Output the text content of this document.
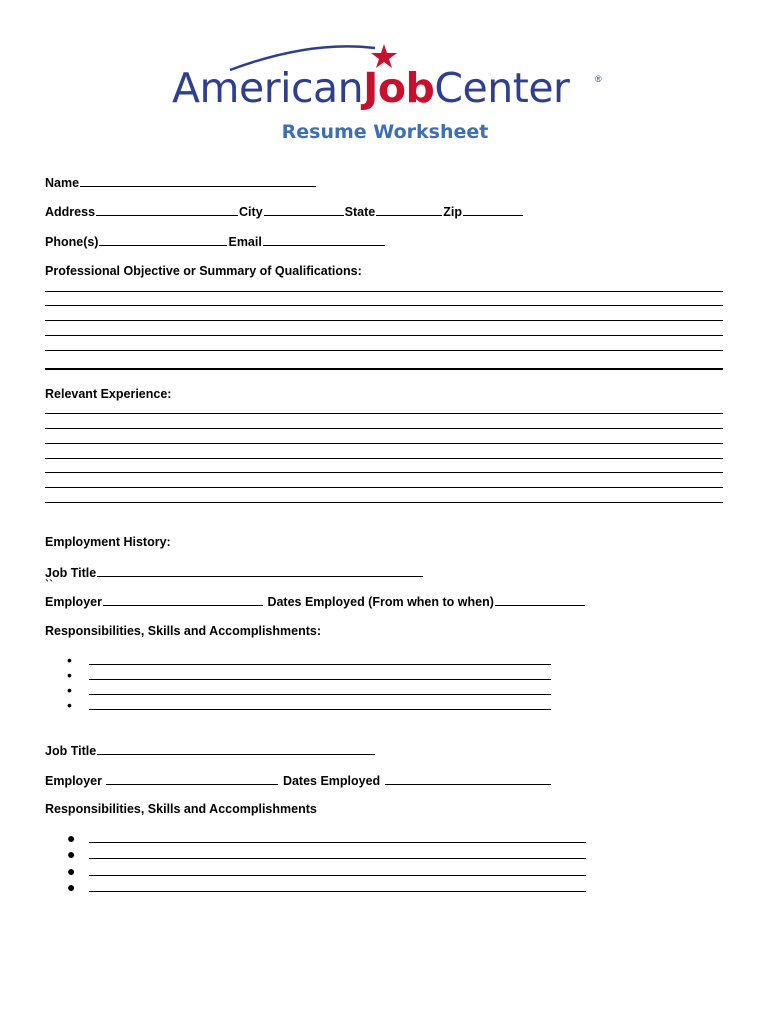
AmericanJobCenter	®
Resume Worksheet
Name
Address	City	State	Zip
Phone(s)	Email
Professional Objective or Summary of Qualifications:
Relevant Experience:
Employment History:
Job Title
``
Employer	Dates Employed (From when to when)
Responsibilities, Skills and Accomplishments:
•
•
•
•
Job Title
Employer	Dates Employed
Responsibilities, Skills and Accomplishments
●
●
●
●
